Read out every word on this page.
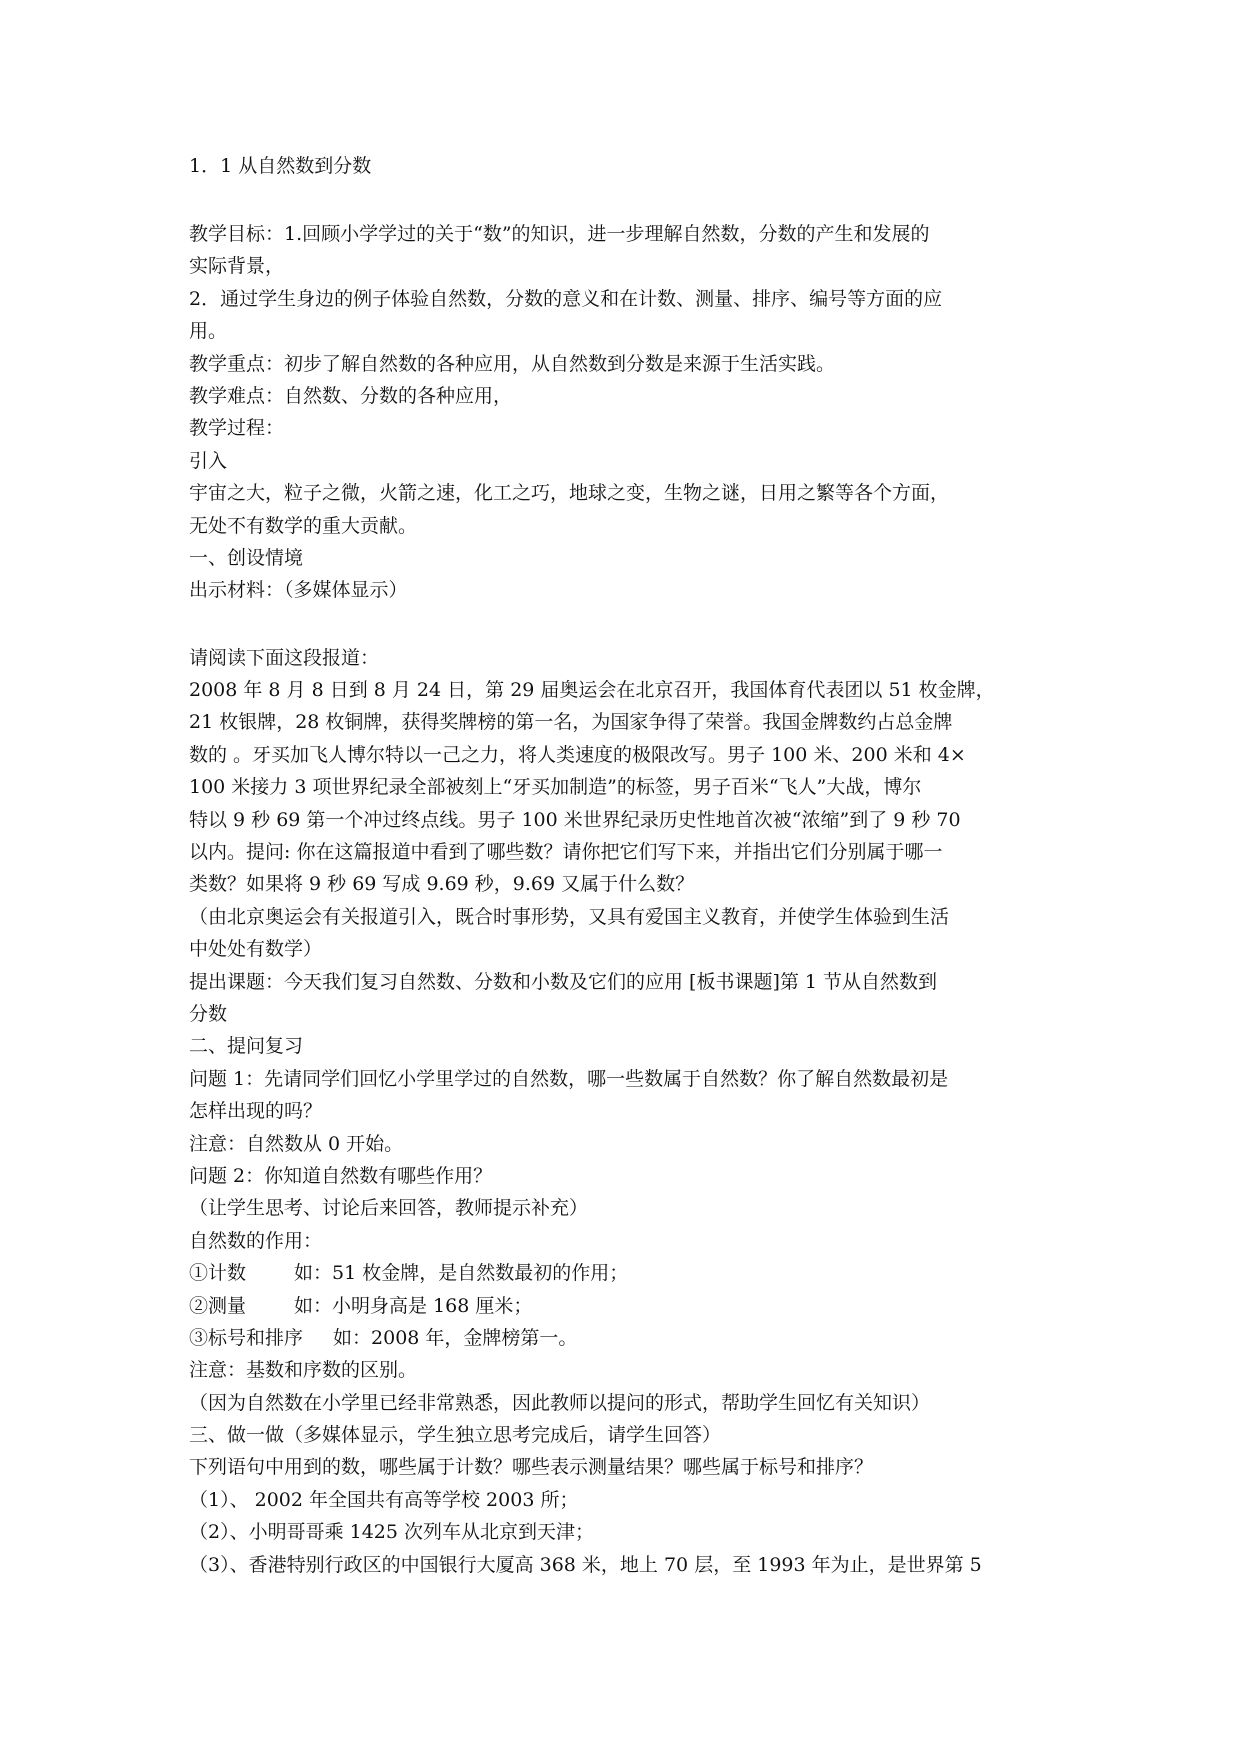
1．1 从自然数到分数
教学目标：1.回顾小学学过的关于“数”的知识，进一步理解自然数，分数的产生和发展的
实际背景，
2．通过学生身边的例子体验自然数，分数的意义和在计数、测量、排序、编号等方面的应
用。
教学重点：初步了解自然数的各种应用，从自然数到分数是来源于生活实践。
教学难点：自然数、分数的各种应用，
教学过程：
引入
宇宙之大，粒子之微，火箭之速，化工之巧，地球之变，生物之谜，日用之繁等各个方面，
无处不有数学的重大贡献。
一、创设情境
出示材料：（多媒体显示）
请阅读下面这段报道：
2008 年 8 月 8 日到 8 月 24 日，第 29 届奥运会在北京召开，我国体育代表团以 51 枚金牌，
21 枚银牌，28 枚铜牌，获得奖牌榜的第一名，为国家争得了荣誉。我国金牌数约占总金牌
数的 。牙买加飞人博尔特以一己之力，将人类速度的极限改写。男子 100 米、200 米和 4×
100 米接力 3 项世界纪录全部被刻上“牙买加制造”的标签，男子百米“飞人”大战，博尔
特以 9 秒 69 第一个冲过终点线。男子 100 米世界纪录历史性地首次被“浓缩”到了 9 秒 70
以内。提问: 你在这篇报道中看到了哪些数？请你把它们写下来，并指出它们分别属于哪一
类数？如果将 9 秒 69 写成 9.69 秒，9.69 又属于什么数？
（由北京奥运会有关报道引入，既合时事形势，又具有爱国主义教育，并使学生体验到生活
中处处有数学）
提出课题：今天我们复习自然数、分数和小数及它们的应用 [板书课题]第 1 节从自然数到
分数
二、提问复习
问题 1：先请同学们回忆小学里学过的自然数，哪一些数属于自然数？你了解自然数最初是
怎样出现的吗？
注意：自然数从 0 开始。
问题 2：你知道自然数有哪些作用？
（让学生思考、讨论后来回答，教师提示补充）
自然数的作用：
①计数	如：51 枚金牌，是自然数最初的作用；
②测量	如：小明身高是 168 厘米；
③标号和排序 如：2008 年，金牌榜第一。
注意：基数和序数的区别。
（因为自然数在小学里已经非常熟悉，因此教师以提问的形式，帮助学生回忆有关知识）
三、做一做（多媒体显示，学生独立思考完成后，请学生回答）
下列语句中用到的数，哪些属于计数？哪些表示测量结果？哪些属于标号和排序？
（1）、 2002 年全国共有高等学校 2003 所；
（2）、小明哥哥乘 1425 次列车从北京到天津；
（3）、香港特别行政区的中国银行大厦高 368 米，地上 70 层，至 1993 年为止，是世界第 5
